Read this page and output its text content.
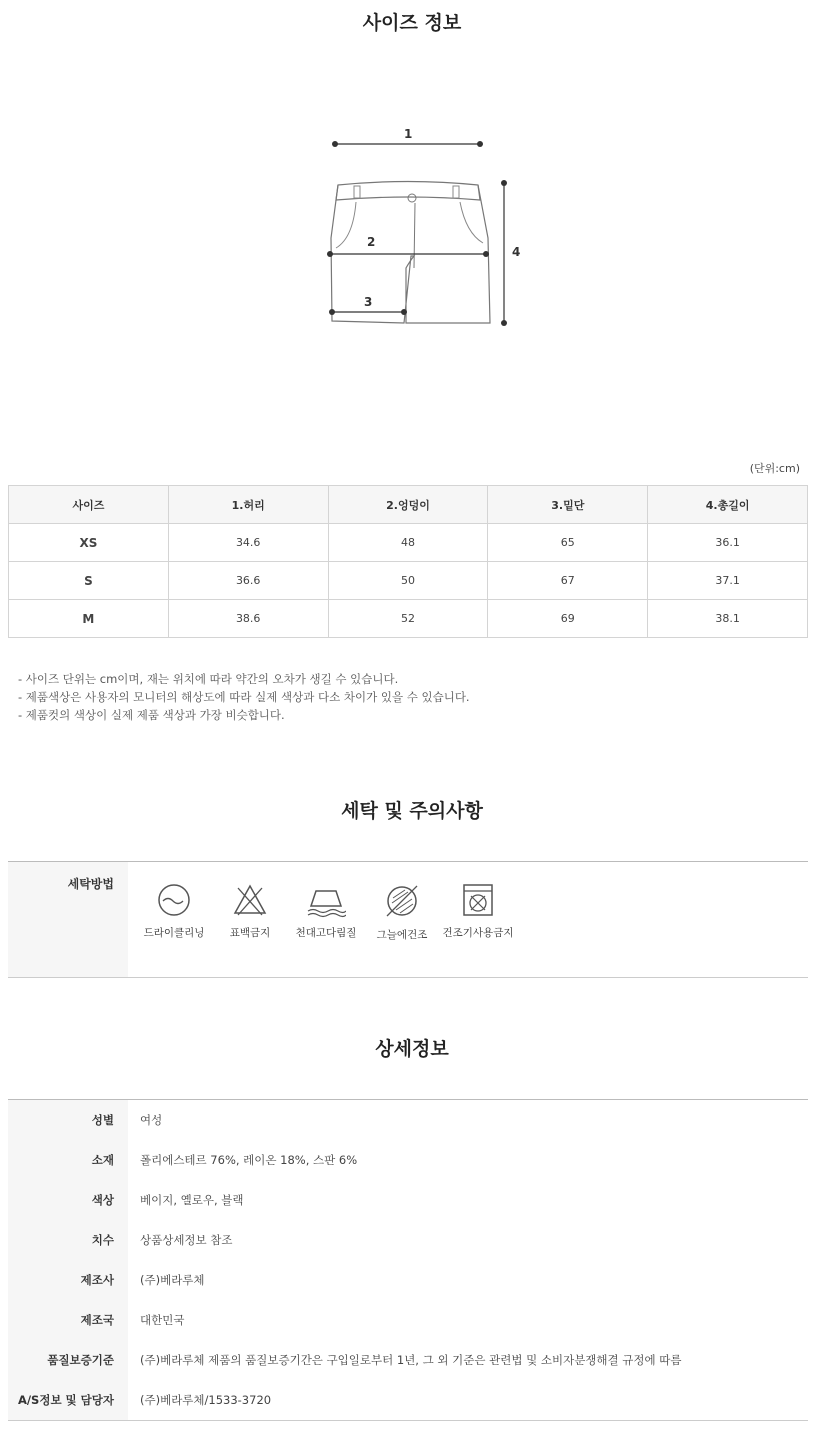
사이즈 정보
1
2
3
4
(단위:cm)
사이즈	1.허리	2.엉덩이	3.밑단	4.총길이
XS	34.6	48	65	36.1
S	36.6	50	67	37.1
M	38.6	52	69	38.1
- 사이즈 단위는 cm이며, 재는 위치에 따라 약간의 오차가 생길 수 있습니다.
- 제품색상은 사용자의 모니터의 해상도에 따라 실제 색상과 다소 차이가 있을 수 있습니다.
- 제품컷의 색상이 실제 제품 색상과 가장 비슷합니다.
세탁 및 주의사항
세탁방법
드라이클리닝	표백금지	천대고다림질	그늘에건조	건조기사용금지
상세정보
성별	여성
소재	폴리에스테르 76%, 레이온 18%, 스판 6%
색상	베이지, 옐로우, 블랙
치수	상품상세정보 참조
제조사	(주)베라루체
제조국	대한민국
품질보증기준	(주)베라루체 제품의 품질보증기간은 구입일로부터 1년, 그 외 기준은 관련법 및 소비자분쟁해결 규정에 따름
A/S정보 및 담당자	(주)베라루체/1533-3720
